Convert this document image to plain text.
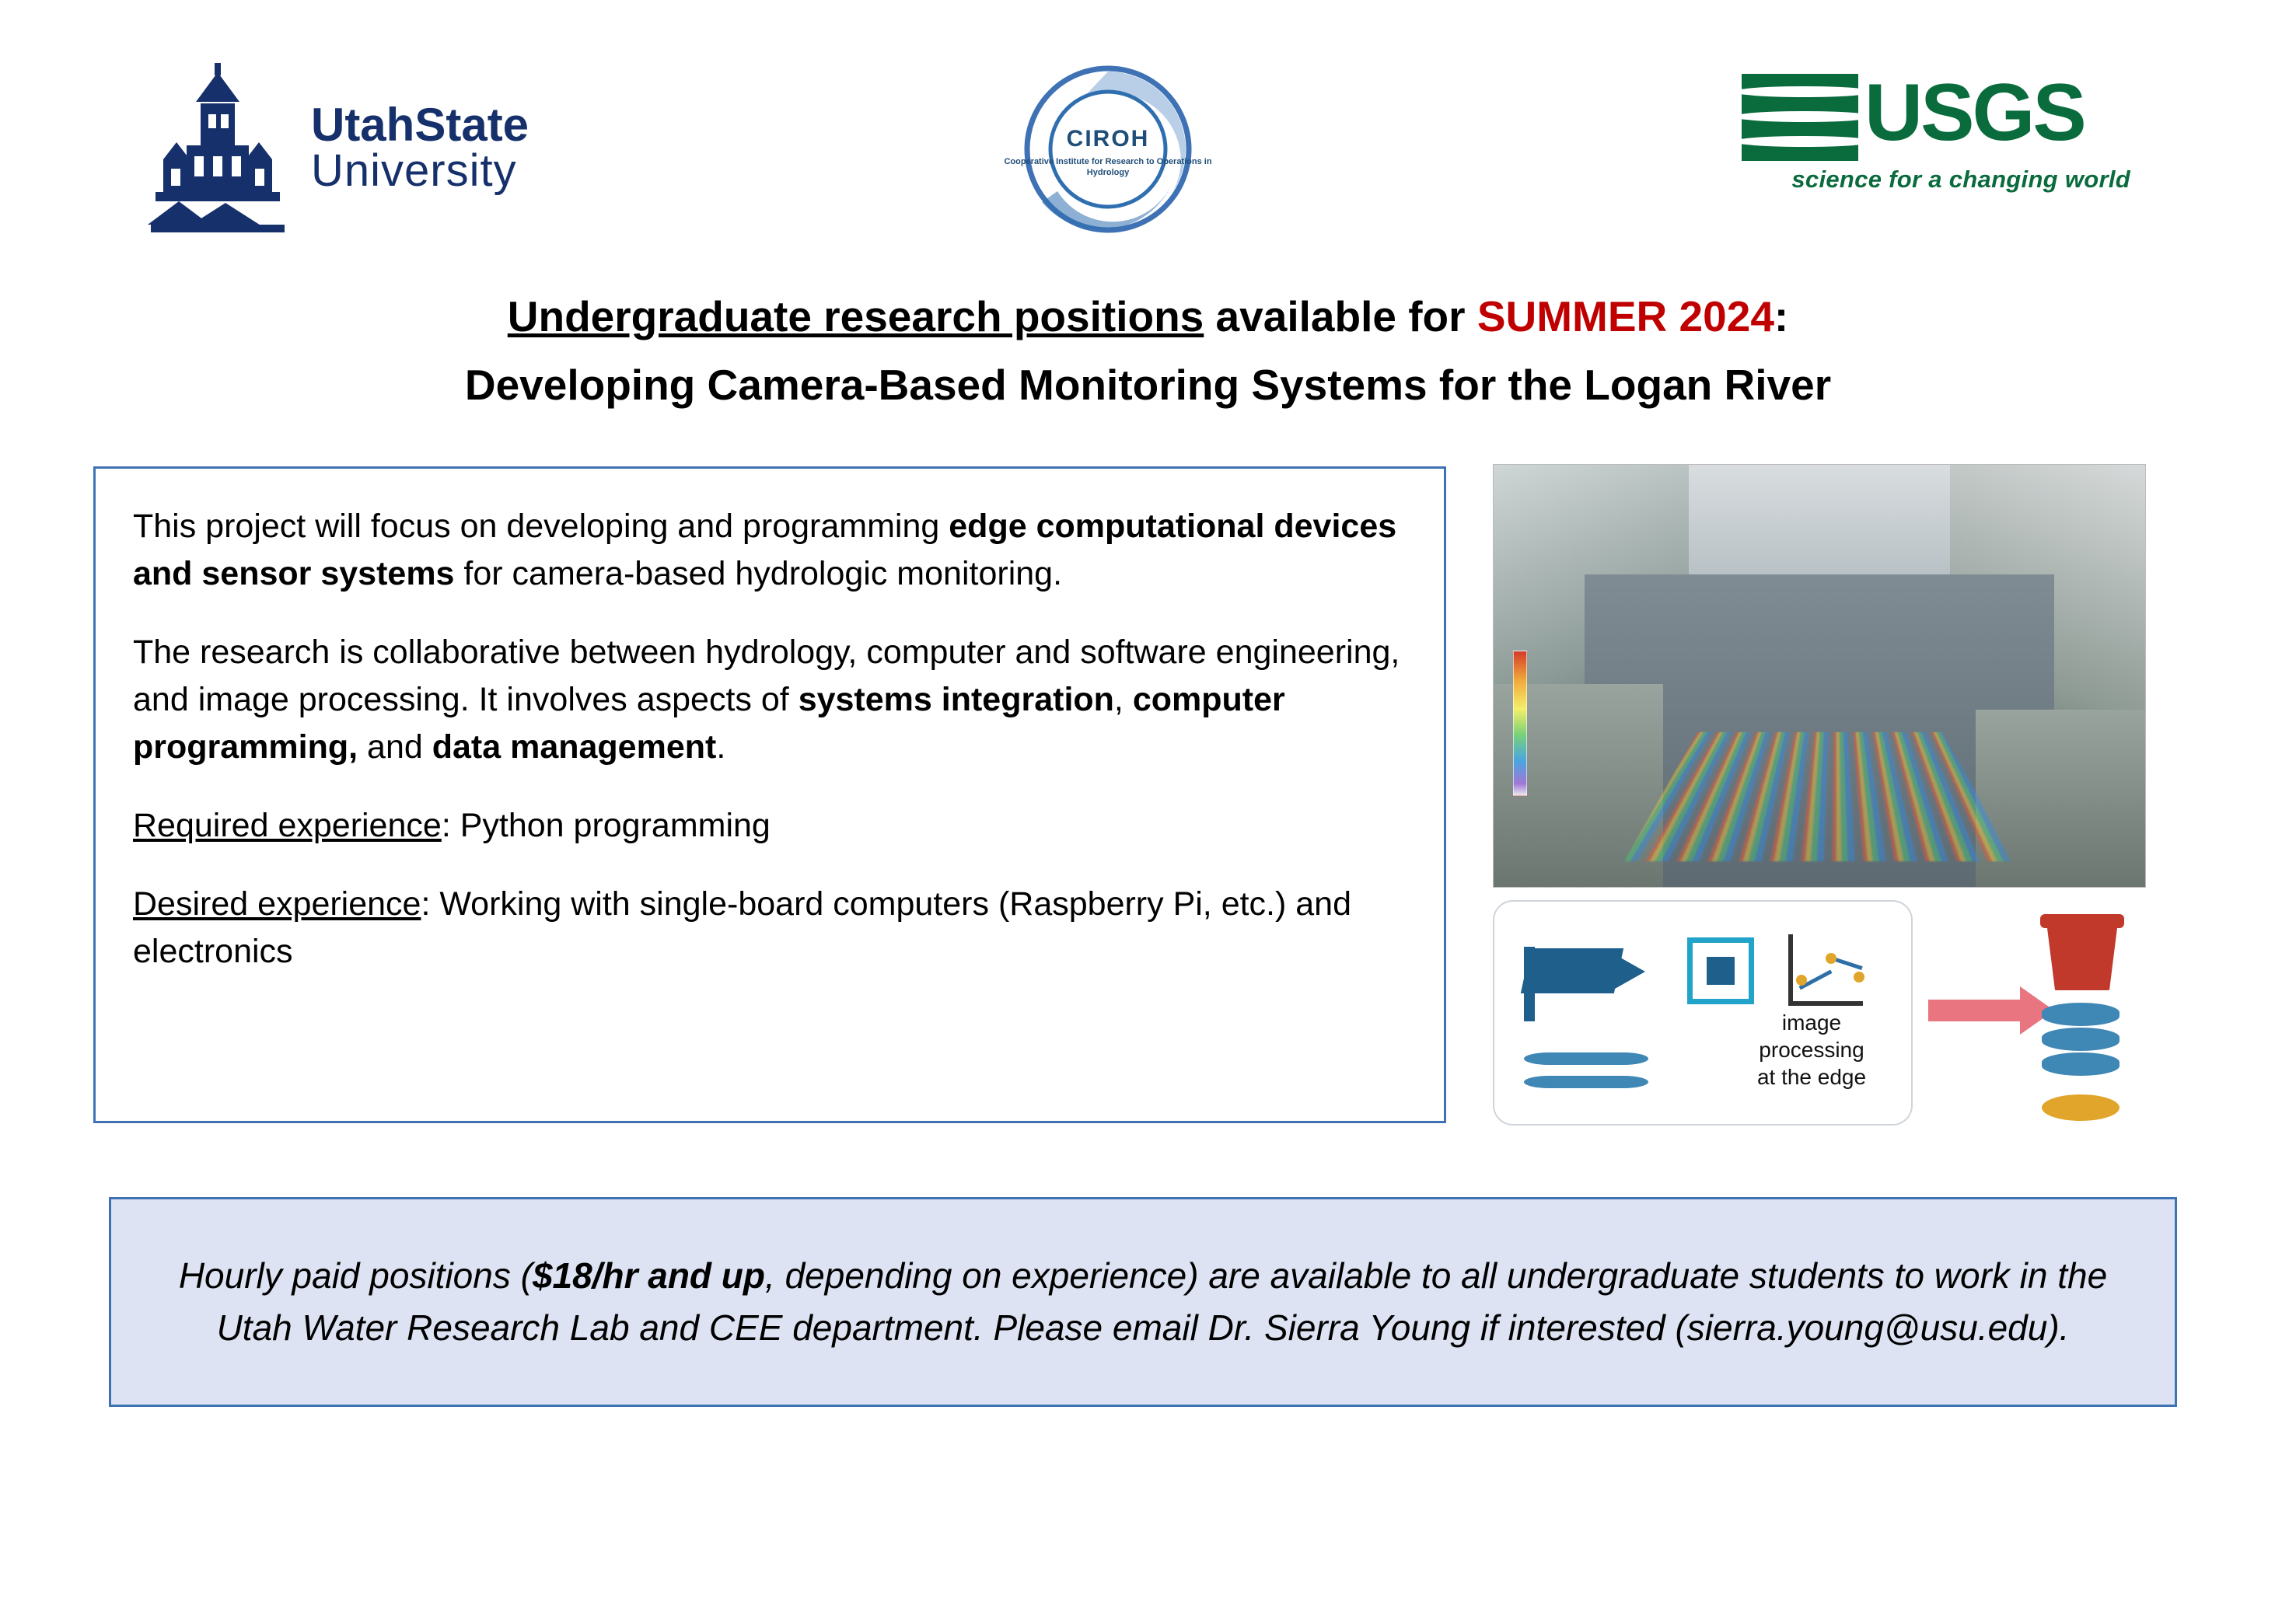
UtahState
University
CIROH
Cooperative Institute for Research to Operations in Hydrology
USGS
science for a changing world
Undergraduate research positions available for SUMMER 2024:
Developing Camera-Based Monitoring Systems for the Logan River

This project will focus on developing and programming edge computational devices and sensor systems for camera-based hydrologic monitoring.

The research is collaborative between hydrology, computer and software engineering, and image processing. It involves aspects of systems integration, computer programming, and data management.

Required experience: Python programming

Desired experience: Working with single-board computers (Raspberry Pi, etc.) and electronics

image
processing
at the edge

Hourly paid positions ($18/hr and up, depending on experience) are available to all undergraduate students to work in the Utah Water Research Lab and CEE department. Please email Dr. Sierra Young if interested (sierra.young@usu.edu).
